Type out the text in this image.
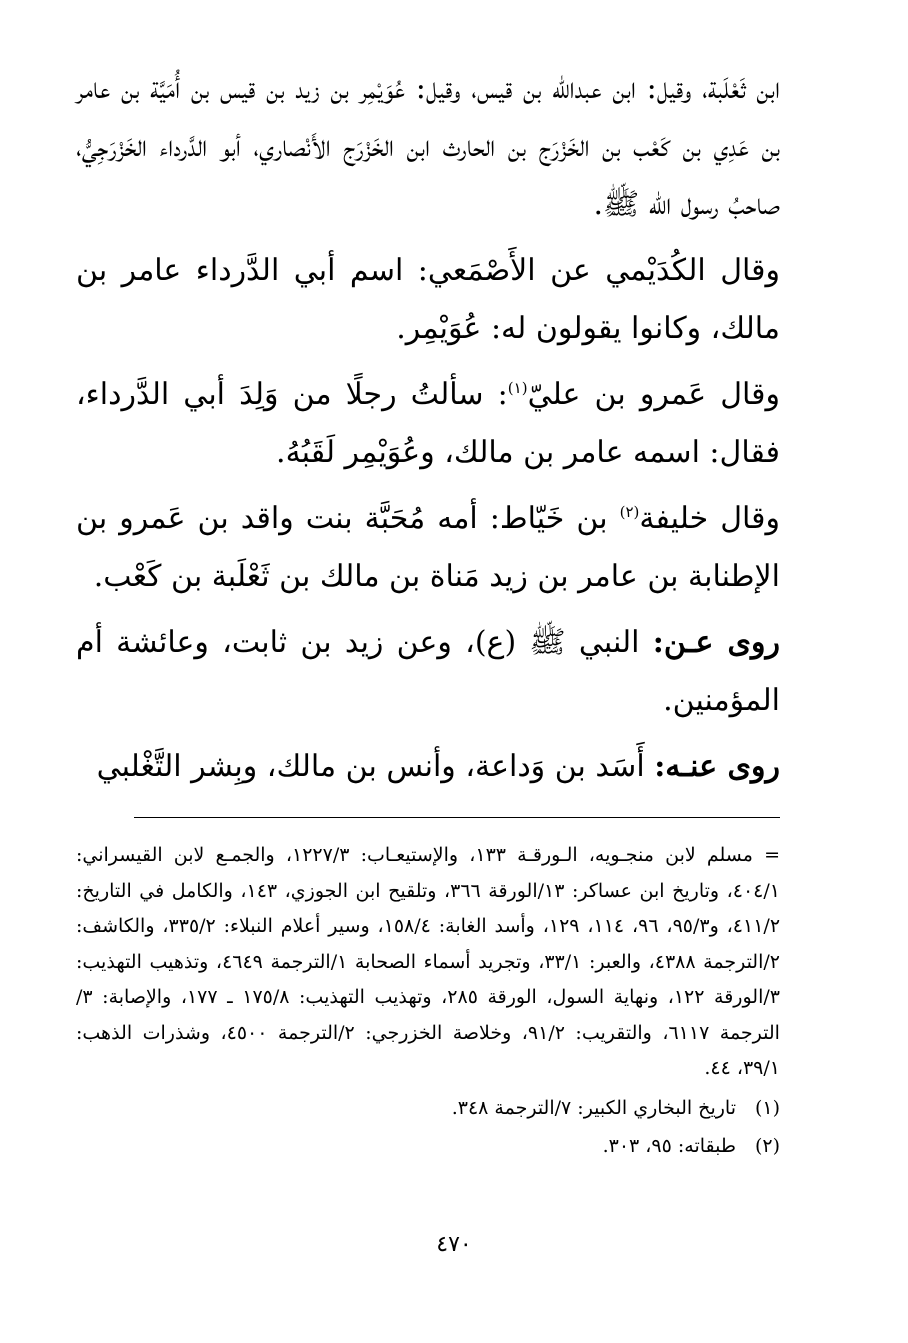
ابن ثَعْلَبة، وقيل: ابن عبدالله بن قيس، وقيل: عُوَيْمِر بن زيد بن قيس بن أُمَيَّة بن عامر بن عَدِي بن كَعْب بن الخَزْرَج بن الحارث ابن الخَزْرَج الأَنْصاري، أبو الدَّرداء الخَزْرَجِيُّ، صاحبُ رسول الله ﷺ.

وقال الكُدَيْمي عن الأَصْمَعي: اسم أبي الدَّرداء عامر بن مالك، وكانوا يقولون له: عُوَيْمِر.

وقال عَمرو بن عليّ$^{(١)}$: سألتُ رجلًا من وَلِدَ أبي الدَّرداء، فقال: اسمه عامر بن مالك، وعُوَيْمِر لَقَبُهُ.

وقال خليفة$^{(٢)}$ بن خَيّاط: أمه مُحَبَّة بنت واقد بن عَمرو بن الإطنابة بن عامر بن زيد مَناة بن مالك بن ثَعْلَبة بن كَعْب.

روى عـن: النبي ﷺ (ع)، وعن زيد بن ثابت، وعائشة أم المؤمنين.

روى عنـه: أَسَد بن وَداعة، وأنس بن مالك، وبِشر التَّغْلبي

= مسلم لابن منجـويه، الـورقـة ١٣٣، والإستيعـاب: ١٢٢٧/٣، والجمـع لابن القيسراني: ٤٠٤/١، وتاريخ ابن عساكر: ١٣/الورقة ٣٦٦، وتلقيح ابن الجوزي، ١٤٣، والكامل في التاريخ: ٤١١/٢، و٩٥/٣، ٩٦، ١١٤، ١٢٩، وأسد الغابة: ١٥٨/٤، وسير أعلام النبلاء: ٣٣٥/٢، والكاشف: ٢/الترجمة ٤٣٨٨، والعبر: ٣٣/١، وتجريد أسماء الصحابة ١/الترجمة ٤٦٤٩، وتذهيب التهذيب: ٣/الورقة ١٢٢، ونهاية السول، الورقة ٢٨٥، وتهذيب التهذيب: ١٧٥/٨ ـ ١٧٧، والإصابة: ٣/الترجمة ٦١١٧، والتقريب: ٩١/٢، وخلاصة الخزرجي: ٢/الترجمة ٤٥٠٠، وشذرات الذهب: ٣٩/١، ٤٤.

(١)
تاريخ البخاري الكبير: ٧/الترجمة ٣٤٨.
(٢)
طبقاته: ٩٥، ٣٠٣.
٤٧٠
